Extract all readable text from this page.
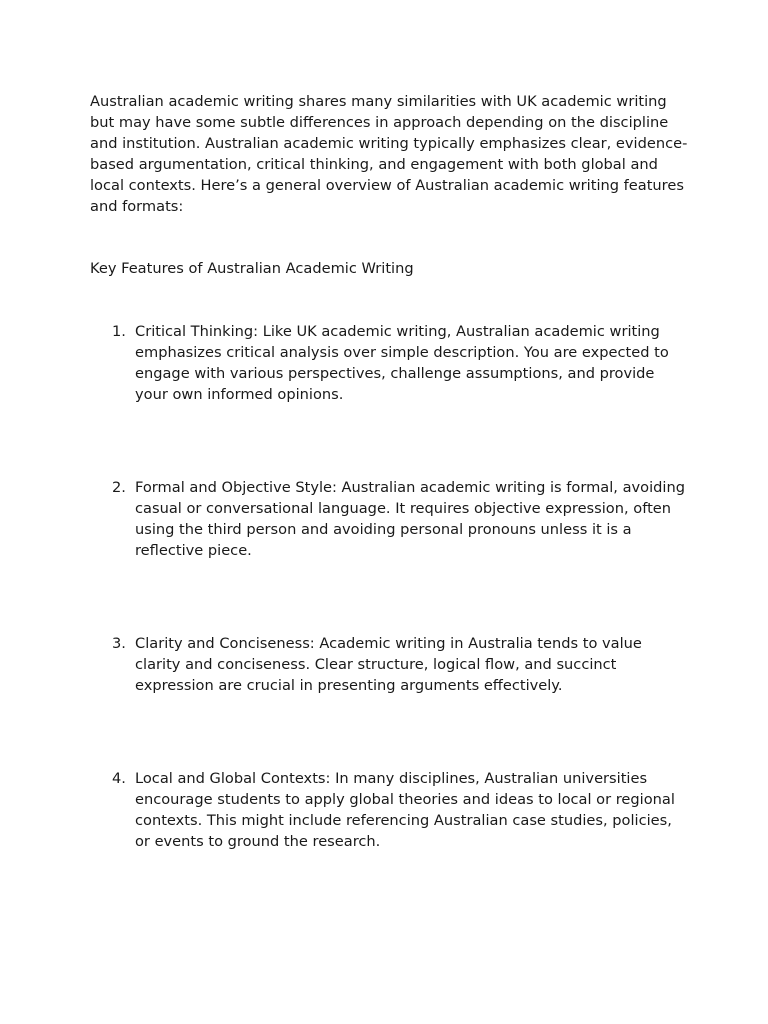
Australian academic writing shares many similarities with UK academic writing but may have some subtle differences in approach depending on the discipline and institution. Australian academic writing typically emphasizes clear, evidence-based argumentation, critical thinking, and engagement with both global and local contexts. Here’s a general overview of Australian academic writing features and formats:

Key Features of Australian Academic Writing

1. Critical Thinking: Like UK academic writing, Australian academic writing emphasizes critical analysis over simple description. You are expected to engage with various perspectives, challenge assumptions, and provide your own informed opinions.
2. Formal and Objective Style: Australian academic writing is formal, avoiding casual or conversational language. It requires objective expression, often using the third person and avoiding personal pronouns unless it is a reflective piece.
3. Clarity and Conciseness: Academic writing in Australia tends to value clarity and conciseness. Clear structure, logical flow, and succinct expression are crucial in presenting arguments effectively.
4. Local and Global Contexts: In many disciplines, Australian universities encourage students to apply global theories and ideas to local or regional contexts. This might include referencing Australian case studies, policies, or events to ground the research.
